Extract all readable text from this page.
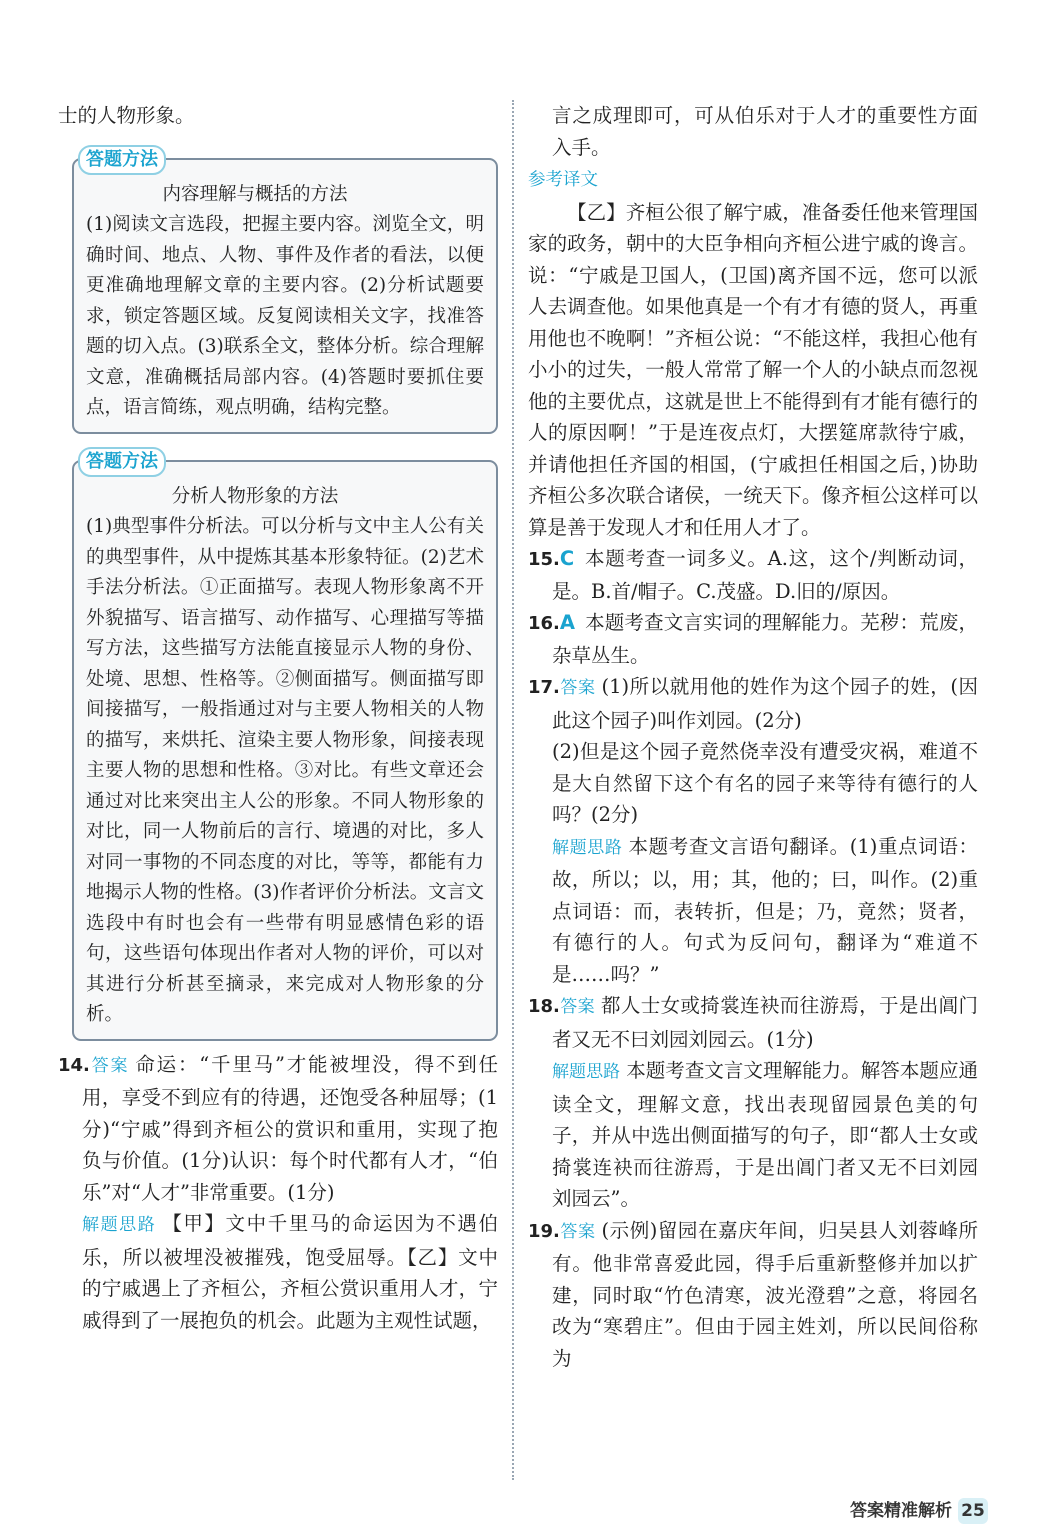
士的人物形象。

答题方法

内容理解与概括的方法

(1)阅读文言选段，把握主要内容。浏览全文，明确时间、地点、人物、事件及作者的看法，以便更准确地理解文章的主要内容。(2)分析试题要求，锁定答题区域。反复阅读相关文字，找准答题的切入点。(3)联系全文，整体分析。综合理解文意，准确概括局部内容。(4)答题时要抓住要点，语言简练，观点明确，结构完整。

答题方法

分析人物形象的方法

(1)典型事件分析法。可以分析与文中主人公有关的典型事件，从中提炼其基本形象特征。(2)艺术手法分析法。①正面描写。表现人物形象离不开外貌描写、语言描写、动作描写、心理描写等描写方法，这些描写方法能直接显示人物的身份、处境、思想、性格等。②侧面描写。侧面描写即间接描写，一般指通过对与主要人物相关的人物的描写，来烘托、渲染主要人物形象，间接表现主要人物的思想和性格。③对比。有些文章还会通过对比来突出主人公的形象。不同人物形象的对比，同一人物前后的言行、境遇的对比，多人对同一事物的不同态度的对比，等等，都能有力地揭示人物的性格。(3)作者评价分析法。文言文选段中有时也会有一些带有明显感情色彩的语句，这些语句体现出作者对人物的评价，可以对其进行分析甚至摘录，来完成对人物形象的分析。

14.答案 命运：“千里马”才能被埋没，得不到任用，享受不到应有的待遇，还饱受各种屈辱；(1分)“宁戚”得到齐桓公的赏识和重用，实现了抱负与价值。(1分)认识：每个时代都有人才，“伯乐”对“人才”非常重要。(1分)

解题思路 【甲】文中千里马的命运因为不遇伯乐，所以被埋没被摧残，饱受屈辱。【乙】文中的宁戚遇上了齐桓公，齐桓公赏识重用人才，宁戚得到了一展抱负的机会。此题为主观性试题，

言之成理即可，可从伯乐对于人才的重要性方面入手。

参考译文

【乙】齐桓公很了解宁戚，准备委任他来管理国家的政务，朝中的大臣争相向齐桓公进宁戚的谗言。说：“宁戚是卫国人，(卫国)离齐国不远，您可以派人去调查他。如果他真是一个有才有德的贤人，再重用他也不晚啊！”齐桓公说：“不能这样，我担心他有小小的过失，一般人常常了解一个人的小缺点而忽视他的主要优点，这就是世上不能得到有才能有德行的人的原因啊！”于是连夜点灯，大摆筵席款待宁戚，并请他担任齐国的相国，(宁戚担任相国之后，)协助齐桓公多次联合诸侯，一统天下。像齐桓公这样可以算是善于发现人才和任用人才了。

15.C 本题考查一词多义。A.这，这个/判断动词，是。B.首/帽子。C.茂盛。D.旧的/原因。

16.A 本题考查文言实词的理解能力。芜秽：荒废，杂草丛生。

17.答案 (1)所以就用他的姓作为这个园子的姓，(因此这个园子)叫作刘园。(2分)

(2)但是这个园子竟然侥幸没有遭受灾祸，难道不是大自然留下这个有名的园子来等待有德行的人吗？(2分)

解题思路 本题考查文言语句翻译。(1)重点词语：故，所以；以，用；其，他的；曰，叫作。(2)重点词语：而，表转折，但是；乃，竟然；贤者，有德行的人。句式为反问句，翻译为“难道不是……吗？”

18.答案 都人士女或掎裳连袂而往游焉，于是出阊门者又无不曰刘园刘园云。(1分)

解题思路 本题考查文言文理解能力。解答本题应通读全文，理解文意，找出表现留园景色美的句子，并从中选出侧面描写的句子，即“都人士女或掎裳连袂而往游焉，于是出阊门者又无不曰刘园刘园云”。

19.答案 (示例)留园在嘉庆年间，归吴县人刘蓉峰所有。他非常喜爱此园，得手后重新整修并加以扩建，同时取“竹色清寒，波光澄碧”之意，将园名改为“寒碧庄”。但由于园主姓刘，所以民间俗称为

答案精准解析 25
